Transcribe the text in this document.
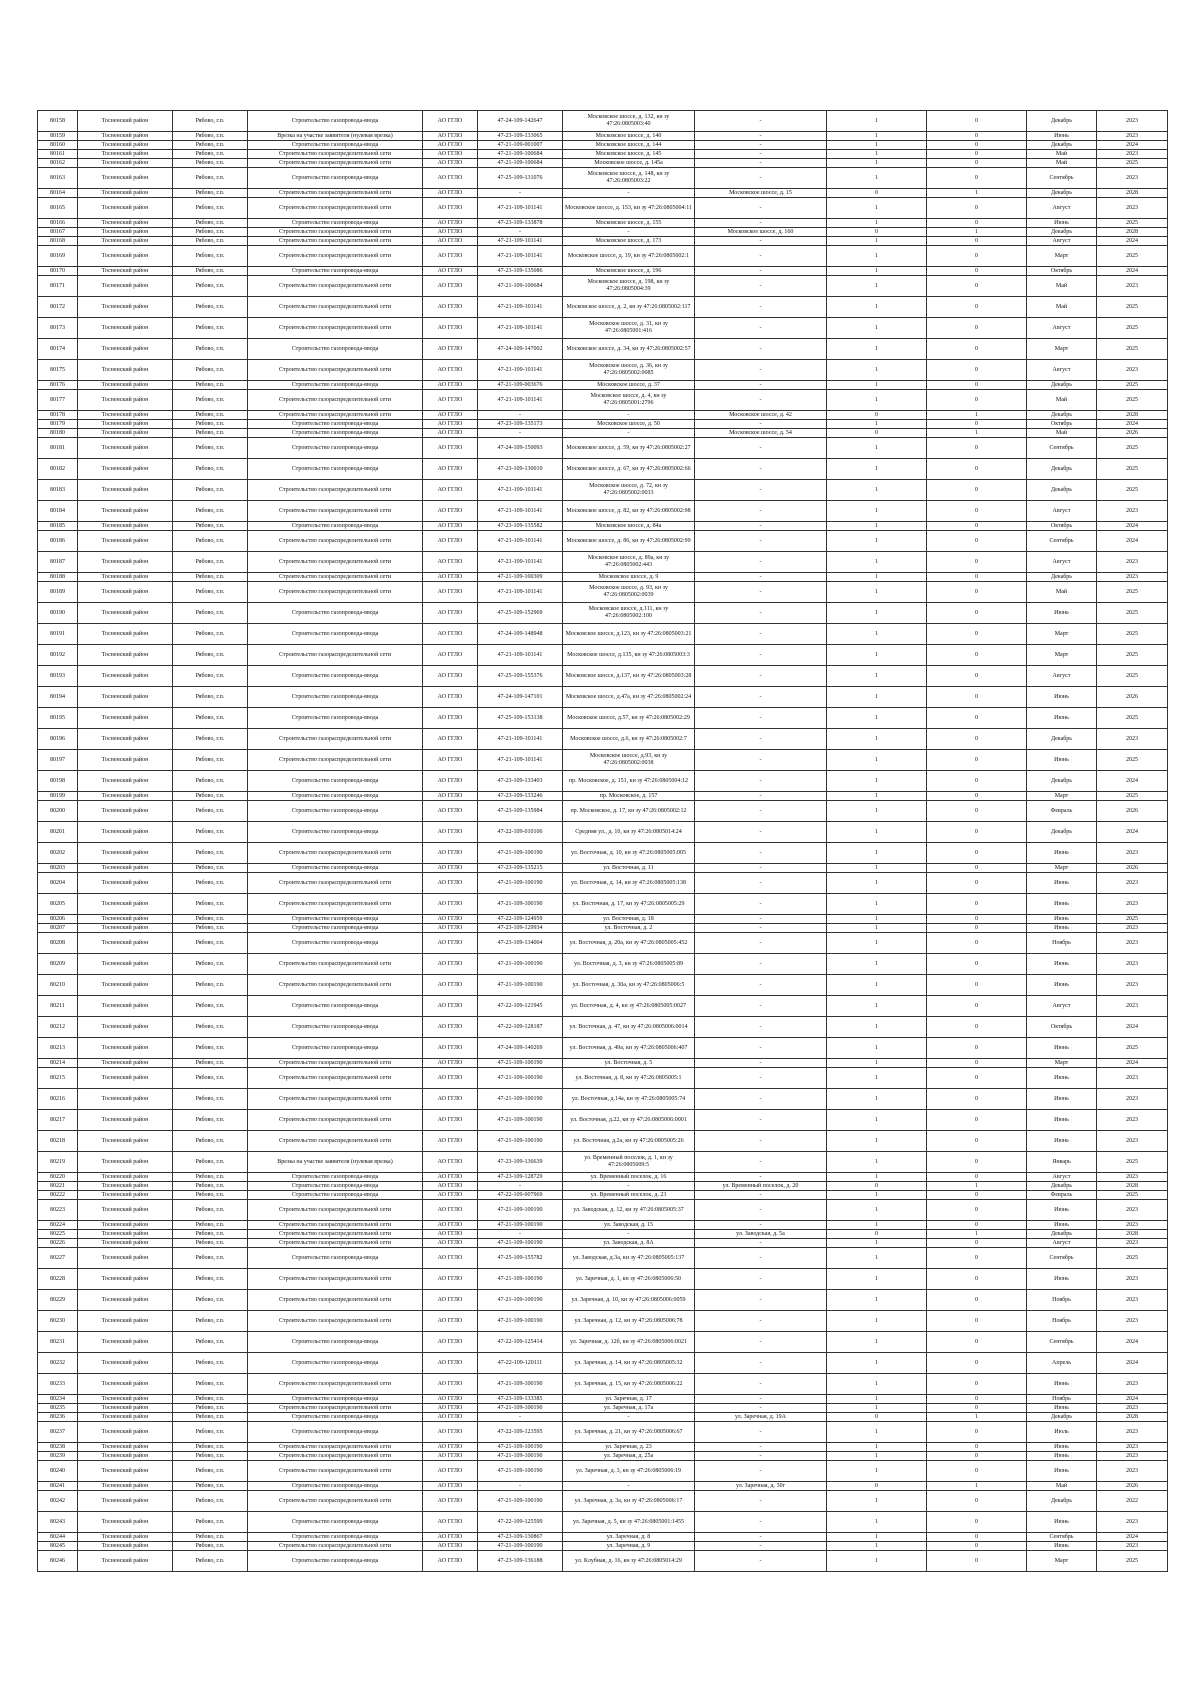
80158	Тосненский район	Рябово, г.п.	Строительство газопровода-ввода	АО ГГЛО	47-24-109-142647	Московское шоссе, д. 132, кн зу 47:26:0805003:40	-	1	0	Декабрь	2023
80159	Тосненский район	Рябово, г.п.	Врезка на участке заявителя (нулевая врезка)	АО ГГЛО	47-23-109-133065	Московское шоссе, д. 140	-	1	0	Июнь	2023
80160	Тосненский район	Рябово, г.п.	Строительство газопровода-ввода	АО ГГЛО	47-21-109-001007	Московское шоссе, д. 144	-	1	0	Декабрь	2024
80161	Тосненский район	Рябово, г.п.	Строительство газораспределительной сети	АО ГГЛО	47-21-109-100684	Московское шоссе, д. 145	-	1	0	Май	2023
80162	Тосненский район	Рябово, г.п.	Строительство газораспределительной сети	АО ГГЛО	47-21-109-100684	Московское шоссе, д. 145а	-	1	0	Май	2025
80163	Тосненский район	Рябово, г.п.	Строительство газопровода-ввода	АО ГГЛО	47-25-109-131076	Московское шоссе, д. 148, кн зу 47:26:0805003:22	-	1	0	Сентябрь	2023
80164	Тосненский район	Рябово, г.п.	Строительство газораспределительной сети	АО ГГЛО	-	-	Московское шоссе, д. 15	0	1	Декабрь	2028
80165	Тосненский район	Рябово, г.п.	Строительство газораспределительной сети	АО ГГЛО	47-21-109-101141	Московское шоссе, д. 153, кн зу 47:26:0805004:11	-	1	0	Август	2023
80166	Тосненский район	Рябово, г.п.	Строительство газопровода-ввода	АО ГГЛО	47-23-109-133878	Московское шоссе, д. 155	-	1	0	Июнь	2025
80167	Тосненский район	Рябово, г.п.	Строительство газораспределительной сети	АО ГГЛО	-	-	Московское шоссе, д. 160	0	1	Декабрь	2028
80168	Тосненский район	Рябово, г.п.	Строительство газораспределительной сети	АО ГГЛО	47-21-109-101141	Московское шоссе, д. 173	-	1	0	Август	2024
80169	Тосненский район	Рябово, г.п.	Строительство газораспределительной сети	АО ГГЛО	47-21-109-101141	Московское шоссе, д. 19, кн зу 47:26:0805002:1	-	1	0	Март	2025
80170	Тосненский район	Рябово, г.п.	Строительство газопровода-ввода	АО ГГЛО	47-23-109-135086	Московское шоссе, д. 196	-	1	0	Октябрь	2024
80171	Тосненский район	Рябово, г.п.	Строительство газораспределительной сети	АО ГГЛО	47-21-109-100684	Московское шоссе, д. 198, кн зу 47:26:0805004:39	-	1	0	Май	2023
80172	Тосненский район	Рябово, г.п.	Строительство газораспределительной сети	АО ГГЛО	47-21-109-101141	Московское шоссе, д. 2, кн зу 47:26:0805002:117	-	1	0	Май	2025
80173	Тосненский район	Рябово, г.п.	Строительство газораспределительной сети	АО ГГЛО	47-21-109-101141	Московское шоссе, д. 31, кн зу 47:26:0805001:416	-	1	0	Август	2025
80174	Тосненский район	Рябово, г.п.	Строительство газопровода-ввода	АО ГГЛО	47-24-109-147002	Московское шоссе, д. 34, кн зу 47:26:0805002:57	-	1	0	Март	2025
80175	Тосненский район	Рябово, г.п.	Строительство газораспределительной сети	АО ГГЛО	47-21-109-101141	Московское шоссе, д. 36, кн зу 47:26:0805002:0085	-	1	0	Август	2023
80176	Тосненский район	Рябово, г.п.	Строительство газопровода-ввода	АО ГГЛО	47-21-109-003676	Московское шоссе, д. 37	-	1	0	Декабрь	2025
80177	Тосненский район	Рябово, г.п.	Строительство газораспределительной сети	АО ГГЛО	47-21-109-101141	Московское шоссе, д. 4, кн зу 47:26:0805001:2796	-	1	0	Май	2025
80178	Тосненский район	Рябово, г.п.	Строительство газораспределительной сети	АО ГГЛО	-	-	Московское шоссе, д. 42	0	1	Декабрь	2028
80179	Тосненский район	Рябово, г.п.	Строительство газопровода-ввода	АО ГГЛО	47-23-109-135173	Московское шоссе, д. 50	-	1	0	Октябрь	2024
80180	Тосненский район	Рябово, г.п.	Строительство газопровода-ввода	АО ГГЛО	-	-	Московское шоссе, д. 54	0	1	Май	2026
80181	Тосненский район	Рябово, г.п.	Строительство газопровода-ввода	АО ГГЛО	47-24-109-150093	Московское шоссе, д. 59, кн зу 47:26:0805002:27	-	1	0	Сентябрь	2025
80182	Тосненский район	Рябово, г.п.	Строительство газопровода-ввода	АО ГГЛО	47-23-109-130010	Московское шоссе, д. 67, кн зу 47:26:0805002:66	-	1	0	Декабрь	2025
80183	Тосненский район	Рябово, г.п.	Строительство газораспределительной сети	АО ГГЛО	47-21-109-101141	Московское шоссе, д. 72, кн зу 47:26:0805002:0033	-	1	0	Декабрь	2025
80184	Тосненский район	Рябово, г.п.	Строительство газораспределительной сети	АО ГГЛО	47-21-109-101141	Московское шоссе, д. 82, кн зу 47:26:0805002:98	-	1	0	Август	2023
80185	Тосненский район	Рябово, г.п.	Строительство газопровода-ввода	АО ГГЛО	47-23-109-135582	Московское шоссе, д. 84а	-	1	0	Октябрь	2024
80186	Тосненский район	Рябово, г.п.	Строительство газораспределительной сети	АО ГГЛО	47-21-109-101141	Московское шоссе, д. 86, кн зу 47:26:0805002:99	-	1	0	Сентябрь	2024
80187	Тосненский район	Рябово, г.п.	Строительство газораспределительной сети	АО ГГЛО	47-21-109-101141	Московское шоссе, д. 89а, кн зу 47:26:0805002:443	-	1	0	Август	2023
80188	Тосненский район	Рябово, г.п.	Строительство газораспределительной сети	АО ГГЛО	47-21-109-100309	Московское шоссе, д. 9	-	1	0	Декабрь	2023
80189	Тосненский район	Рябово, г.п.	Строительство газораспределительной сети	АО ГГЛО	47-21-109-101141	Московское шоссе, д. 93, кн зу 47:26:0805002:0039	-	1	0	Май	2025
80190	Тосненский район	Рябово, г.п.	Строительство газопровода-ввода	АО ГГЛО	47-25-109-152969	Московское шоссе, д.111, кн зу 47:26:0805002:100	-	1	0	Июнь	2025
80191	Тосненский район	Рябово, г.п.	Строительство газопровода-ввода	АО ГГЛО	47-24-109-148948	Московское шоссе, д.123, кн зу 47:26:0805003:21	-	1	0	Март	2025
80192	Тосненский район	Рябово, г.п.	Строительство газораспределительной сети	АО ГГЛО	47-21-109-101141	Московское шоссе, д.135, кн зу 47:26:0805003:3	-	1	0	Март	2025
80193	Тосненский район	Рябово, г.п.	Строительство газопровода-ввода	АО ГГЛО	47-25-109-155376	Московское шоссе, д.137, кн зу 47:26:0805003:28	-	1	0	Август	2025
80194	Тосненский район	Рябово, г.п.	Строительство газопровода-ввода	АО ГГЛО	47-24-109-147101	Московское шоссе, д.47а, кн зу 47:26:0805002:24	-	1	0	Июнь	2026
80195	Тосненский район	Рябово, г.п.	Строительство газопровода-ввода	АО ГГЛО	47-25-109-153138	Московское шоссе, д.57, кн зу 47:26:0805002:29	-	1	0	Июнь	2025
80196	Тосненский район	Рябово, г.п.	Строительство газораспределительной сети	АО ГГЛО	47-21-109-101141	Московское шоссе, д.6, кн зу 47:26:0805002:7	-	1	0	Декабрь	2023
80197	Тосненский район	Рябово, г.п.	Строительство газораспределительной сети	АО ГГЛО	47-21-109-101141	Московское шоссе, д.93, кн зу 47:26:0805002:0038	-	1	0	Июнь	2025
80198	Тосненский район	Рябово, г.п.	Строительство газопровода-ввода	АО ГГЛО	47-23-109-133403	пр. Московское, д. 151, кн зу 47:26:0805004:12	-	1	0	Декабрь	2024
80199	Тосненский район	Рябово, г.п.	Строительство газопровода-ввода	АО ГГЛО	47-23-109-133246	пр. Московское, д. 157	-	1	0	Март	2025
80200	Тосненский район	Рябово, г.п.	Строительство газопровода-ввода	АО ГГЛО	47-23-109-135984	пр. Московское, д. 17, кн зу 47:26:0805002:12	-	1	0	Февраль	2026
80201	Тосненский район	Рябово, г.п.	Строительство газопровода-ввода	АО ГГЛО	47-22-109-010106	Средняя ул., д. 10, кн зу 47:26:0805014:24	-	1	0	Декабрь	2024
80202	Тосненский район	Рябово, г.п.	Строительство газораспределительной сети	АО ГГЛО	47-21-109-100190	ул. Восточная, д. 10, кн зу 47:26:0805005:005	-	1	0	Июнь	2023
80203	Тосненский район	Рябово, г.п.	Строительство газопровода-ввода	АО ГГЛО	47-23-109-135215	ул. Восточная, д. 11	-	1	0	Март	2026
80204	Тосненский район	Рябово, г.п.	Строительство газораспределительной сети	АО ГГЛО	47-21-109-100190	ул. Восточная, д. 14, кн зу 47:26:0805005:138	-	1	0	Июнь	2023
80205	Тосненский район	Рябово, г.п.	Строительство газораспределительной сети	АО ГГЛО	47-21-109-100190	ул. Восточная, д. 17, кн зу 47:26:0805005:29	-	1	0	Июнь	2023
80206	Тосненский район	Рябово, г.п.	Строительство газопровода-ввода	АО ГГЛО	47-22-109-124959	ул. Восточная, д. 18	-	1	0	Июнь	2025
80207	Тосненский район	Рябово, г.п.	Строительство газопровода-ввода	АО ГГЛО	47-23-109-129934	ул. Восточная, д. 2	-	1	0	Июнь	2023
80208	Тосненский район	Рябово, г.п.	Строительство газопровода-ввода	АО ГГЛО	47-23-109-134004	ул. Восточная, д. 20а, кн зу 47:26:0805005:452	-	1	0	Ноябрь	2023
80209	Тосненский район	Рябово, г.п.	Строительство газораспределительной сети	АО ГГЛО	47-21-109-100190	ул. Восточная, д. 3, кн зу 47:26:0805005:89	-	1	0	Июнь	2023
80210	Тосненский район	Рябово, г.п.	Строительство газораспределительной сети	АО ГГЛО	47-21-109-100190	ул. Восточная, д. 30а, кн зу 47:26:0805006:5	-	1	0	Июнь	2023
80211	Тосненский район	Рябово, г.п.	Строительство газопровода-ввода	АО ГГЛО	47-22-109-121945	ул. Восточная, д. 4, кн зу 47:26:0805005:0027	-	1	0	Август	2023
80212	Тосненский район	Рябово, г.п.	Строительство газопровода-ввода	АО ГГЛО	47-22-109-128187	ул. Восточная, д. 47, кн зу 47:26:0805006:0014	-	1	0	Октябрь	2024
80213	Тосненский район	Рябово, г.п.	Строительство газопровода-ввода	АО ГГЛО	47-24-109-140269	ул. Восточная, д. 49а, кн зу 47:26:0805006:407	-	1	0	Июнь	2025
80214	Тосненский район	Рябово, г.п.	Строительство газораспределительной сети	АО ГГЛО	47-21-109-100190	ул. Восточная, д. 5	-	1	0	Март	2024
80215	Тосненский район	Рябово, г.п.	Строительство газораспределительной сети	АО ГГЛО	47-21-109-100190	ул. Восточная, д. 8, кн зу 47:26:0805005:1	-	1	0	Июнь	2023
80216	Тосненский район	Рябово, г.п.	Строительство газораспределительной сети	АО ГГЛО	47-21-109-100190	ул. Восточная, д.14а, кн зу 47:26:0805005:74	-	1	0	Июнь	2023
80217	Тосненский район	Рябово, г.п.	Строительство газораспределительной сети	АО ГГЛО	47-21-109-100190	ул. Восточная, д.22, кн зу 47:26:0805006:0001	-	1	0	Июнь	2023
80218	Тосненский район	Рябово, г.п.	Строительство газораспределительной сети	АО ГГЛО	47-21-109-100190	ул. Восточная, д.2а, кн зу 47:26:0805005:26	-	1	0	Июнь	2023
80219	Тосненский район	Рябово, г.п.	Врезка на участке заявителя (нулевая врезка)	АО ГГЛО	47-23-109-136639	ул. Временный поселок, д. 1, кн зу 47:26:0805009:5	-	1	0	Январь	2025
80220	Тосненский район	Рябово, г.п.	Строительство газопровода-ввода	АО ГГЛО	47-23-109-128729	ул. Временный поселок, д. 16	-	1	0	Август	2023
80221	Тосненский район	Рябово, г.п.	Строительство газопровода-ввода	АО ГГЛО	-	-	ул. Временный поселок, д. 20	0	1	Декабрь	2028
80222	Тосненский район	Рябово, г.п.	Строительство газопровода-ввода	АО ГГЛО	47-22-109-007969	ул. Временный поселок, д. 23	-	1	0	Февраль	2025
80223	Тосненский район	Рябово, г.п.	Строительство газораспределительной сети	АО ГГЛО	47-21-109-100190	ул. Заводская, д. 12, кн зу 47:26:0805005:37	-	1	0	Июнь	2023
80224	Тосненский район	Рябово, г.п.	Строительство газораспределительной сети	АО ГГЛО	47-21-109-100190	ул. Заводская, д. 15	-	1	0	Июнь	2023
80225	Тосненский район	Рябово, г.п.	Строительство газораспределительной сети	АО ГГЛО	-	-	ул. Заводская, д. 5а	0	1	Декабрь	2028
80226	Тосненский район	Рябово, г.п.	Строительство газораспределительной сети	АО ГГЛО	47-21-109-100190	ул. Заводская, д. 8А	-	1	0	Август	2023
80227	Тосненский район	Рябово, г.п.	Строительство газопровода-ввода	АО ГГЛО	47-25-109-155782	ул. Заводская, д.3а, кн зу 47:26:0805005:137	-	1	0	Сентябрь	2025
80228	Тосненский район	Рябово, г.п.	Строительство газораспределительной сети	АО ГГЛО	47-21-109-100190	ул. Заречная, д. 1, кн зу 47:26:0805006:50	-	1	0	Июнь	2023
80229	Тосненский район	Рябово, г.п.	Строительство газораспределительной сети	АО ГГЛО	47-21-109-100190	ул. Заречная, д. 10, кн зу 47:26:0805006:0059	-	1	0	Ноябрь	2023
80230	Тосненский район	Рябово, г.п.	Строительство газораспределительной сети	АО ГГЛО	47-21-109-100190	ул. Заречная, д. 12, кн зу 47:26:0805006:78	-	1	0	Ноябрь	2023
80231	Тосненский район	Рябово, г.п.	Строительство газопровода-ввода	АО ГГЛО	47-22-109-125414	ул. Заречная, д. 12б, кн зу 47:26:0805006:0021	-	1	0	Сентябрь	2024
80232	Тосненский район	Рябово, г.п.	Строительство газопровода-ввода	АО ГГЛО	47-22-109-120111	ул. Заречная, д. 14, кн зу 47:26:0805005:32	-	1	0	Апрель	2024
80233	Тосненский район	Рябово, г.п.	Строительство газораспределительной сети	АО ГГЛО	47-21-109-100190	ул. Заречная, д. 15, кн зу 47:26:0805006:22	-	1	0	Июнь	2023
80234	Тосненский район	Рябово, г.п.	Строительство газопровода-ввода	АО ГГЛО	47-23-109-133385	ул. Заречная, д. 17	-	1	0	Ноябрь	2024
80235	Тосненский район	Рябово, г.п.	Строительство газораспределительной сети	АО ГГЛО	47-21-109-100190	ул. Заречная, д. 17а	-	1	0	Июнь	2023
80236	Тосненский район	Рябово, г.п.	Строительство газопровода-ввода	АО ГГЛО	-	-	ул. Заречная, д. 19А	0	1	Декабрь	2028
80237	Тосненский район	Рябово, г.п.	Строительство газопровода-ввода	АО ГГЛО	47-22-109-123595	ул. Заречная, д. 21, кн зу 47:26:0805006:67	-	1	0	Июль	2023
80238	Тосненский район	Рябово, г.п.	Строительство газораспределительной сети	АО ГГЛО	47-21-109-100190	ул. Заречная, д. 23	-	1	0	Июнь	2023
80239	Тосненский район	Рябово, г.п.	Строительство газораспределительной сети	АО ГГЛО	47-21-109-100190	ул. Заречная, д. 25а	-	1	0	Июнь	2023
80240	Тосненский район	Рябово, г.п.	Строительство газораспределительной сети	АО ГГЛО	47-21-109-100190	ул. Заречная, д. 3, кн зу 47:26:0805006:19	-	1	0	Июнь	2023
80241	Тосненский район	Рябово, г.п.	Строительство газопровода-ввода	АО ГГЛО	-	-	ул. Заречная, д. 30г	0	1	Май	2026
80242	Тосненский район	Рябово, г.п.	Строительство газораспределительной сети	АО ГГЛО	47-21-109-100190	ул. Заречная, д. 3а, кн зу 47:26:0805006:17	-	1	0	Декабрь	2022
80243	Тосненский район	Рябово, г.п.	Строительство газопровода-ввода	АО ГГЛО	47-22-109-125599	ул. Заречная, д. 5, кн зу 47:26:0805001:1455	-	1	0	Июнь	2023
80244	Тосненский район	Рябово, г.п.	Строительство газопровода-ввода	АО ГГЛО	47-23-109-130867	ул. Заречная, д. 8	-	1	0	Сентябрь	2024
80245	Тосненский район	Рябово, г.п.	Строительство газораспределительной сети	АО ГГЛО	47-21-109-100190	ул. Заречная, д. 9	-	1	0	Июнь	2023
80246	Тосненский район	Рябово, г.п.	Строительство газопровода-ввода	АО ГГЛО	47-23-109-136188	ул. Клубная, д. 16, кн зу 47:26:0805014:29	-	1	0	Март	2025
